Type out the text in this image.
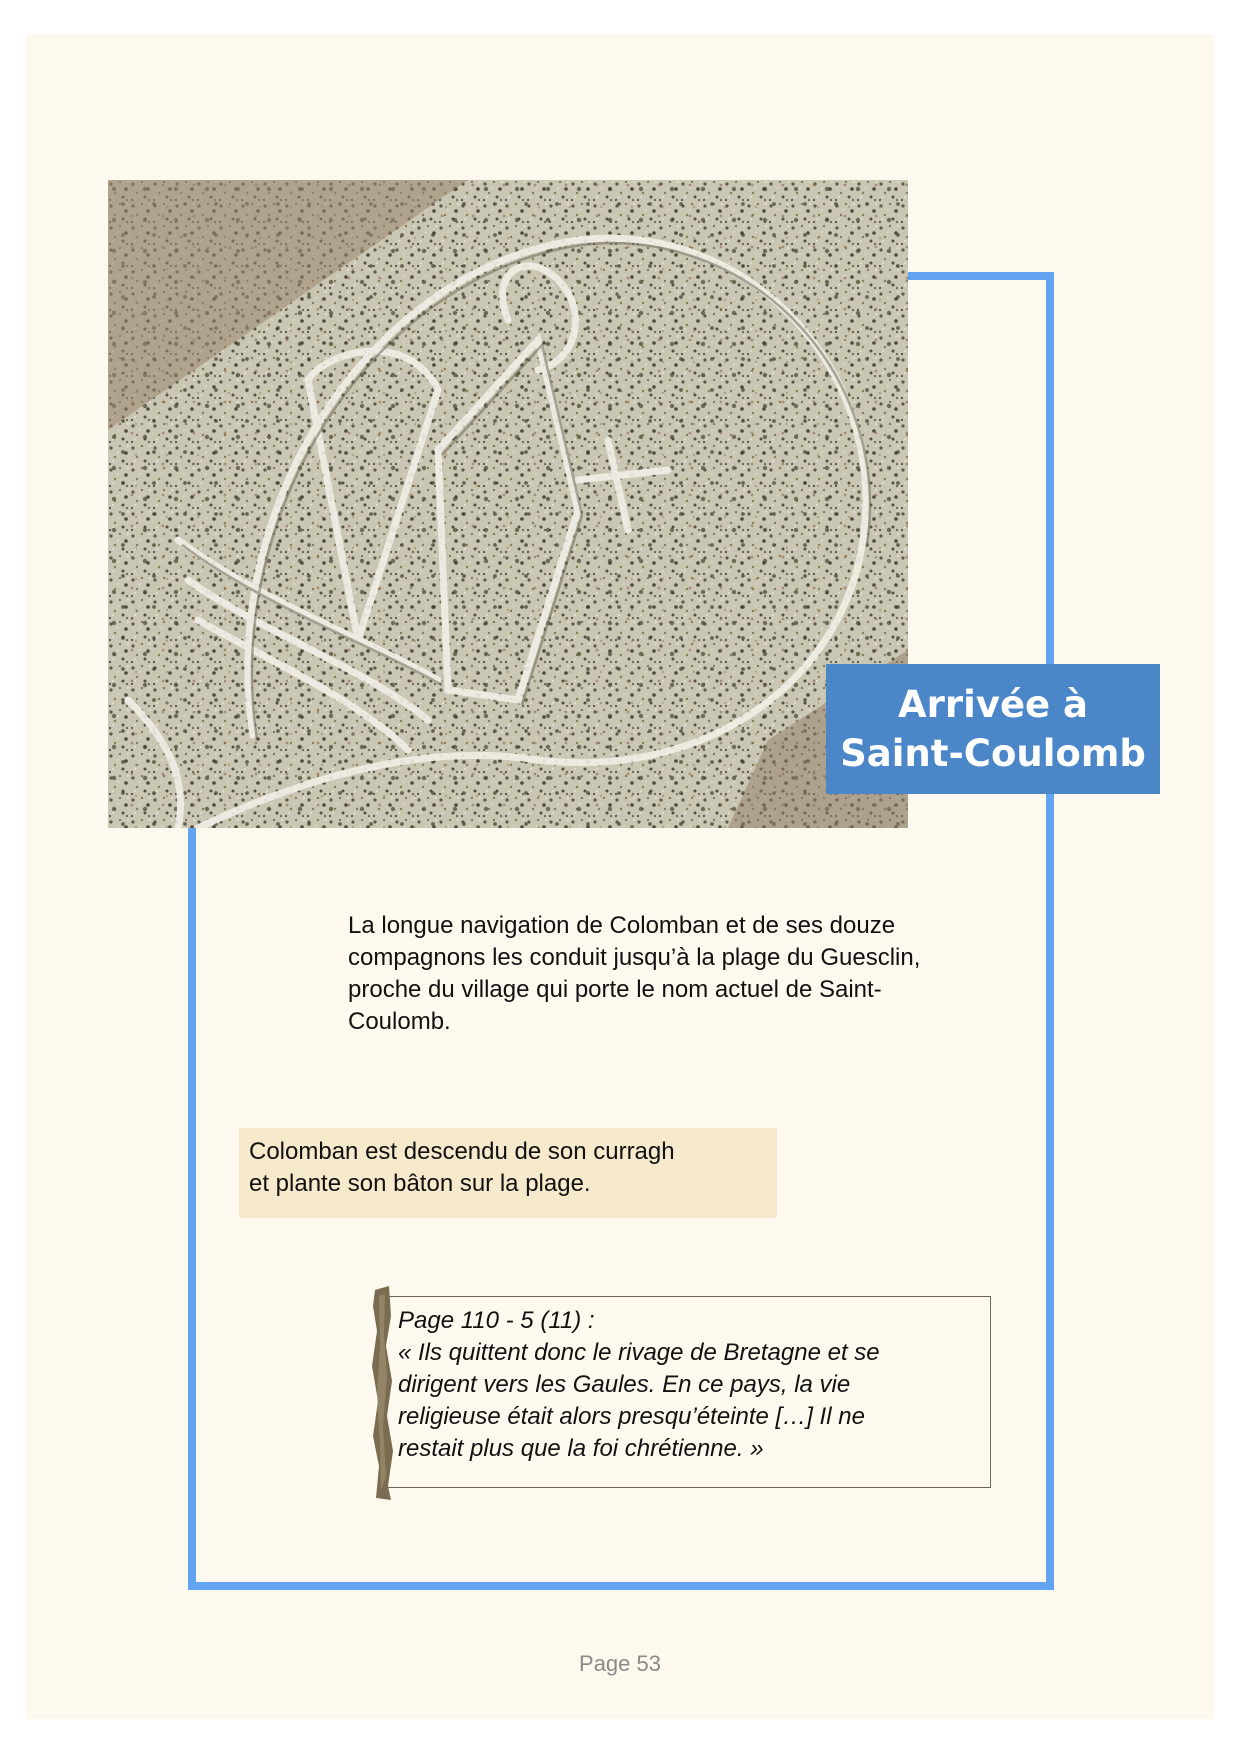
Arrivée à
Saint-Coulomb

La longue navigation de Colomban et de ses douze compagnons les conduit jusqu’à la plage du Guesclin, proche du village qui porte le nom actuel de Saint-Coulomb.

Colomban est descendu de son curragh
et plante son bâton sur la plage.
Page 110 - 5 (11) :
« Ils quittent donc le rivage de Bretagne et se
dirigent vers les Gaules. En ce pays, la vie
religieuse était alors presqu’éteinte […] Il ne
restait plus que la foi chrétienne. »
Page 53
